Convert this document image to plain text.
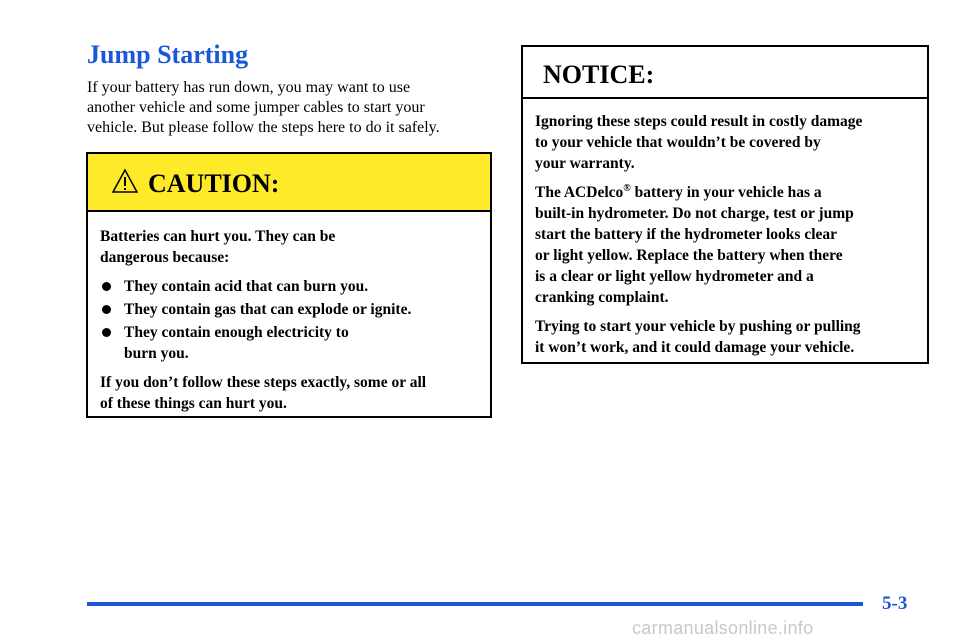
Jump Starting

If your battery has run down, you may want to use
another vehicle and some jumper cables to start your
vehicle. But please follow the steps here to do it safely.

CAUTION:

Batteries can hurt you. They can be
dangerous because:

They contain acid that can burn you.
They contain gas that can explode or ignite.
They contain enough electricity to
burn you.

If you don’t follow these steps exactly, some or all
of these things can hurt you.

NOTICE:

Ignoring these steps could result in costly damage
to your vehicle that wouldn’t be covered by
your warranty.

The ACDelco® battery in your vehicle has a
built-in hydrometer. Do not charge, test or jump
start the battery if the hydrometer looks clear
or light yellow. Replace the battery when there
is a clear or light yellow hydrometer and a
cranking complaint.

Trying to start your vehicle by pushing or pulling
it won’t work, and it could damage your vehicle.

5-3
carmanualsonline.info
